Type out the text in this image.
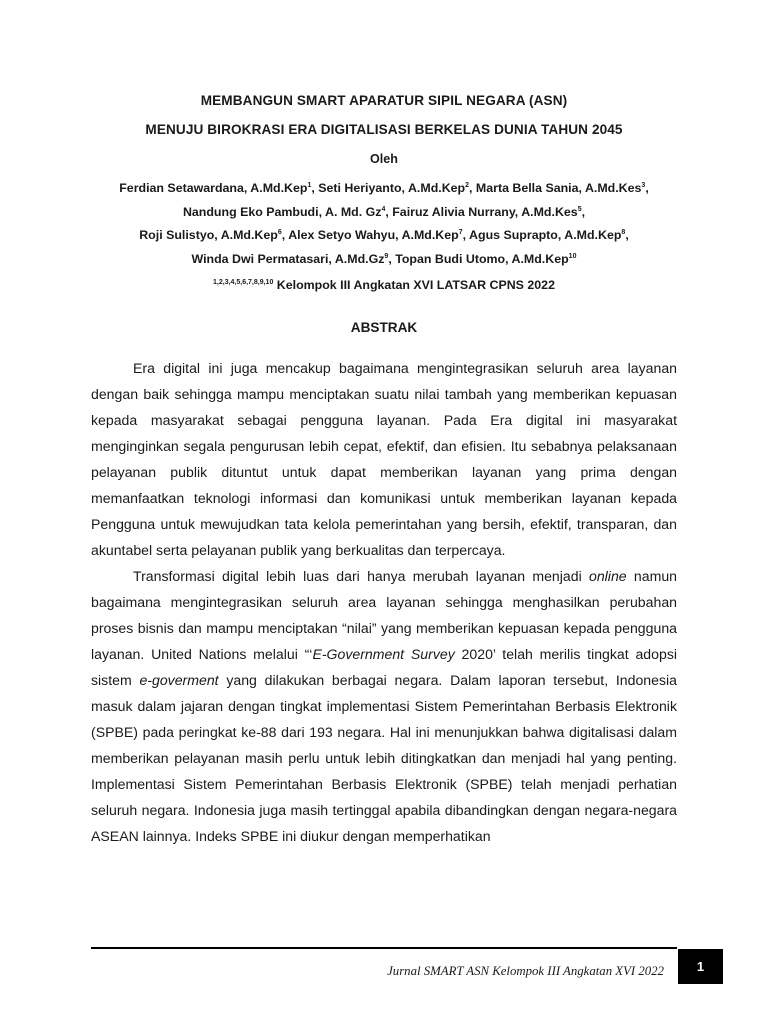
MEMBANGUN SMART APARATUR SIPIL NEGARA (ASN)

MENUJU BIROKRASI ERA DIGITALISASI BERKELAS DUNIA TAHUN 2045

Oleh
Ferdian Setawardana, A.Md.Kep$^1$, Seti Heriyanto, A.Md.Kep$^2$, Marta Bella Sania, A.Md.Kes$^3$,
Nandung Eko Pambudi, A. Md. Gz$^4$, Fairuz Alivia Nurrany, A.Md.Kes$^5$,
Roji Sulistyo, A.Md.Kep$^6$, Alex Setyo Wahyu, A.Md.Kep$^7$, Agus Suprapto, A.Md.Kep$^8$,
Winda Dwi Permatasari, A.Md.Gz$^9$, Topan Budi Utomo, A.Md.Kep$^{10}$
$^{1,2,3,4,5,6,7,8,9,10}$ Kelompok III Angkatan XVI LATSAR CPNS 2022
ABSTRAK

Era digital ini juga mencakup bagaimana mengintegrasikan seluruh area layanan dengan baik sehingga mampu menciptakan suatu nilai tambah yang memberikan kepuasan kepada masyarakat sebagai pengguna layanan. Pada Era digital ini masyarakat menginginkan segala pengurusan lebih cepat, efektif, dan efisien. Itu sebabnya pelaksanaan pelayanan publik dituntut untuk dapat memberikan layanan yang prima dengan memanfaatkan teknologi informasi dan komunikasi untuk memberikan layanan kepada Pengguna untuk mewujudkan tata kelola pemerintahan yang bersih, efektif, transparan, dan akuntabel serta pelayanan publik yang berkualitas dan terpercaya.

Transformasi digital lebih luas dari hanya merubah layanan menjadi online namun bagaimana mengintegrasikan seluruh area layanan sehingga menghasilkan perubahan proses bisnis dan mampu menciptakan “nilai” yang memberikan kepuasan kepada pengguna layanan. United Nations melalui “‘E-Government Survey 2020’ telah merilis tingkat adopsi sistem e-goverment yang dilakukan berbagai negara. Dalam laporan tersebut, Indonesia masuk dalam jajaran dengan tingkat implementasi Sistem Pemerintahan Berbasis Elektronik (SPBE) pada peringkat ke-88 dari 193 negara. Hal ini menunjukkan bahwa digitalisasi dalam memberikan pelayanan masih perlu untuk lebih ditingkatkan dan menjadi hal yang penting. Implementasi Sistem Pemerintahan Berbasis Elektronik (SPBE) telah menjadi perhatian seluruh negara. Indonesia juga masih tertinggal apabila dibandingkan dengan negara-negara ASEAN lainnya. Indeks SPBE ini diukur dengan memperhatikan

Jurnal SMART ASN Kelompok III Angkatan XVI 2022	1
